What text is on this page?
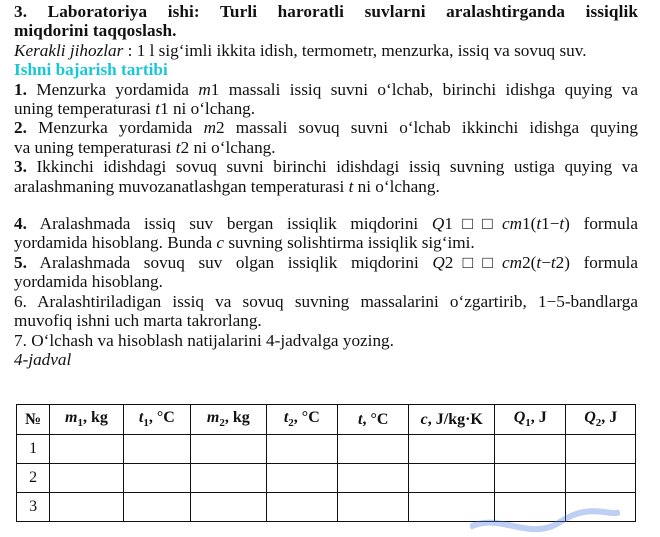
3. Laboratoriya ishi: Turli haroratli suvlarni aralashtirganda issiqlik
miqdorini taqqoslash.

Kerakli jihozlar : 1 l sig‘imli ikkita idish, termometr, menzurka, issiq va sovuq suv.

Ishni bajarish tartibi

1. Menzurka yordamida m1 massali issiq suvni o‘lchab, birinchi idishga quying va
uning temperaturasi t1 ni o‘lchang.
2. Menzurka yordamida m2 massali sovuq suvni o‘lchab ikkinchi idishga quying
va uning temperaturasi t2 ni o‘lchang.
3. Ikkinchi idishdagi sovuq suvni birinchi idishdagi issiq suvning ustiga quying va
aralashmaning muvozanatlashgan temperaturasi t ni o‘lchang.
4. Aralashmada issiq suv bergan issiqlik miqdorini Q1□□cm1(t1−t) formula
yordamida hisoblang. Bunda c suvning solishtirma issiqlik sig‘imi.
5. Aralashmada sovuq suv olgan issiqlik miqdorini Q2□□cm2(t−t2) formula
yordamida hisoblang.
6. Aralashtiriladigan issiq va sovuq suvning massalarini o‘zgartirib, 1−5-bandlarga
muvofiq ishni uch marta takrorlang.
7. O‘lchash va hisoblash natijalarini 4-jadvalga yozing.

4-jadval

№	$m_1$, kg	$t_1$, °C	$m_2$, kg	$t_2$, °C	t, °C	c, J/kg·K	$Q_1$, J	$Q_2$, J
1								
2								
3								
